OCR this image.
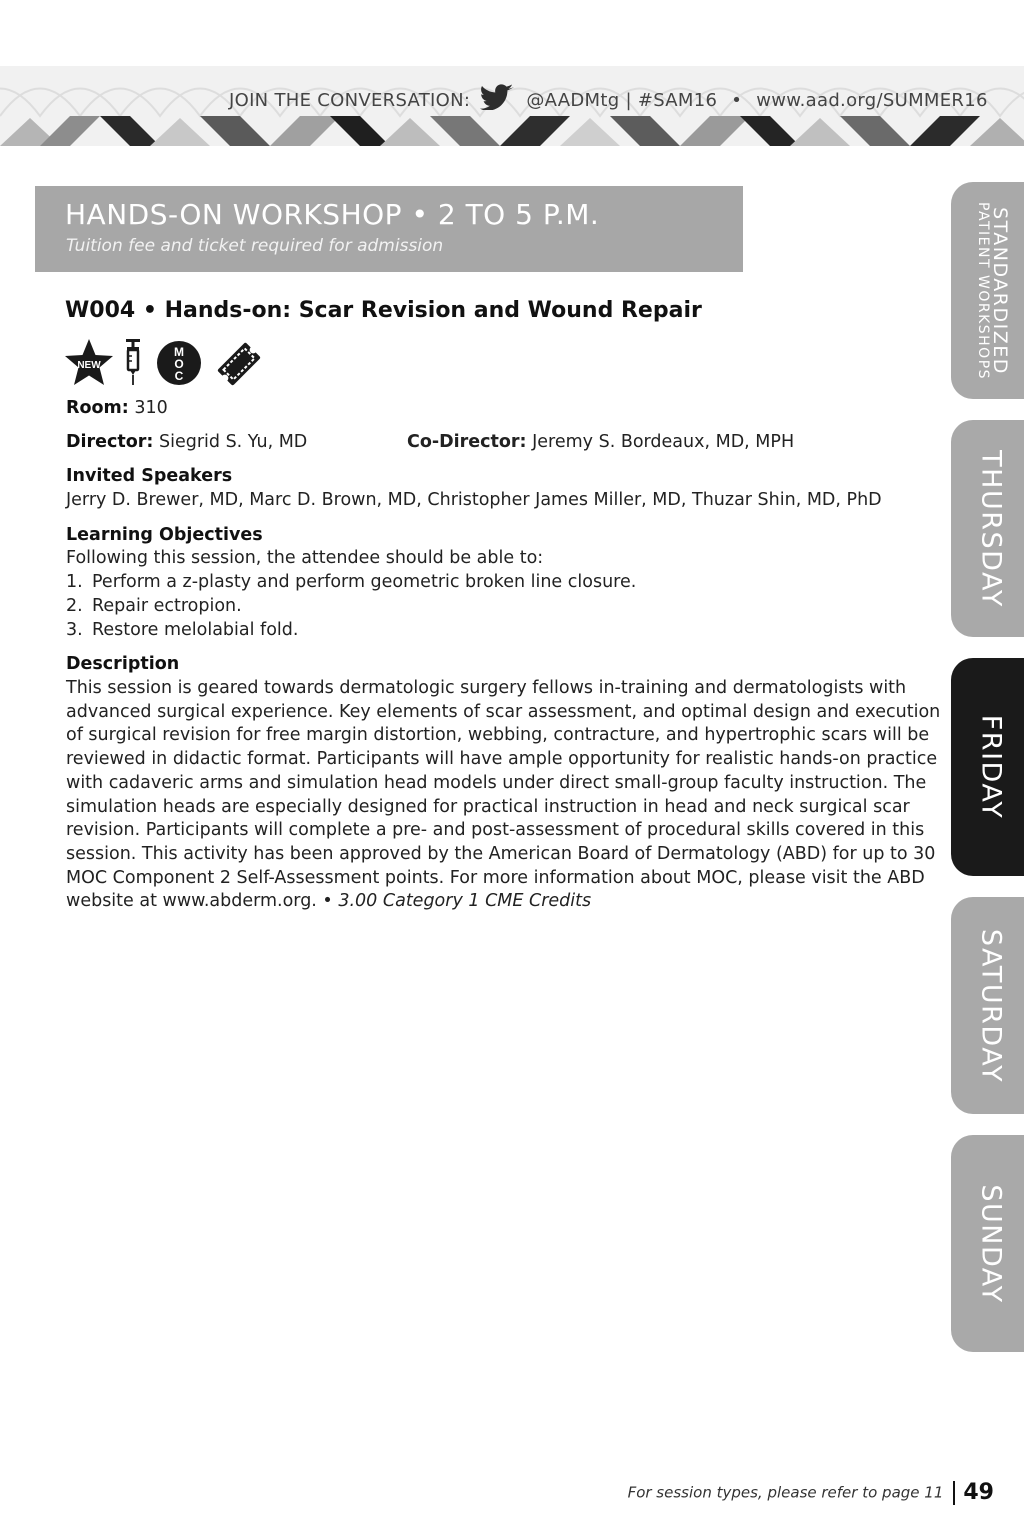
JOIN THE CONVERSATION:	@AADMtg | #SAM16 • www.aad.org/SUMMER16
HANDS-ON WORKSHOP • 2 TO 5 P.M.
Tuition fee and ticket required for admission
W004 • Hands-on: Scar Revision and Wound Repair
NEW
M
O
C
Room: 310
Director: Siegrid S. Yu, MD	Co-Director: Jeremy S. Bordeaux, MD, MPH
Invited Speakers
Jerry D. Brewer, MD, Marc D. Brown, MD, Christopher James Miller, MD, Thuzar Shin, MD, PhD
Learning Objectives
Following this session, the attendee should be able to:
1. Perform a z-plasty and perform geometric broken line closure.
2. Repair ectropion.
3. Restore melolabial fold.
Description
This session is geared towards dermatologic surgery fellows in-training and dermatologists with
advanced surgical experience. Key elements of scar assessment, and optimal design and execution
of surgical revision for free margin distortion, webbing, contracture, and hypertrophic scars will be
reviewed in didactic format. Participants will have ample opportunity for realistic hands-on practice
with cadaveric arms and simulation head models under direct small-group faculty instruction. The
simulation heads are especially designed for practical instruction in head and neck surgical scar
revision. Participants will complete a pre- and post-assessment of procedural skills covered in this
session. This activity has been approved by the American Board of Dermatology (ABD) for up to 30
MOC Component 2 Self-Assessment points. For more information about MOC, please visit the ABD
website at www.abderm.org. • 3.00 Category 1 CME Credits
STANDARDIZED
PATIENT WORKSHOPS
THURSDAY
FRIDAY
SATURDAY
SUNDAY
For session types, please refer to page 11 49
